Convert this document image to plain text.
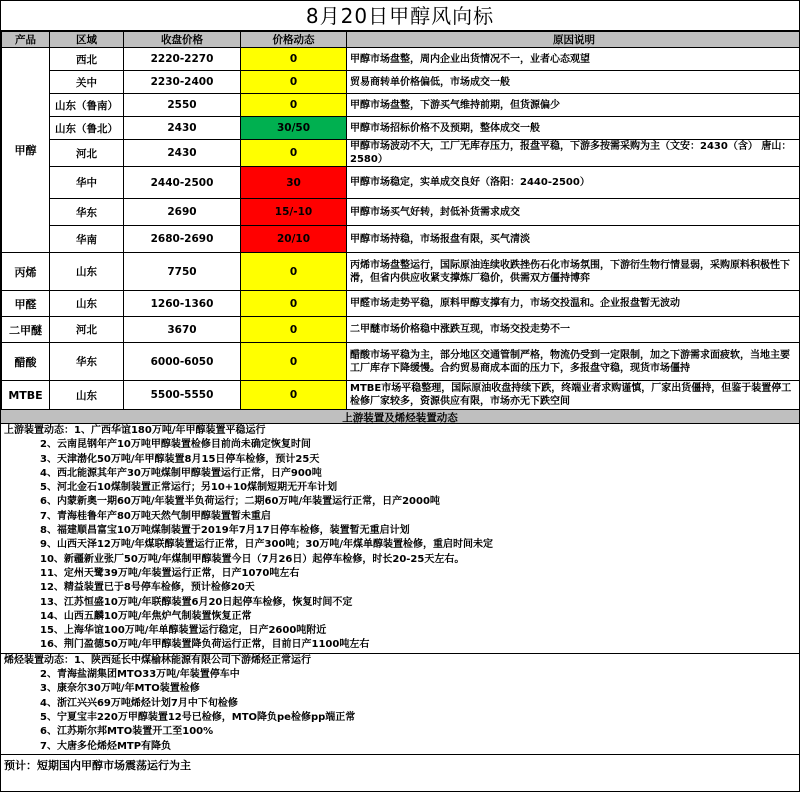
8月20日甲醇风向标
产品	区域	收盘价格	价格动态	原因说明
甲醇	西北	2220-2270	0	甲醇市场盘整，周内企业出货情况不一，业者心态观望
	关中	2230-2400	0	贸易商转单价格偏低，市场成交一般
	山东（鲁南）	2550	0	甲醇市场盘整，下游买气维持前期，但货源偏少
	山东（鲁北）	2430	30/50	甲醇市场招标价格不及预期，整体成交一般
	河北	2430	0	甲醇市场波动不大，工厂无库存压力，报盘平稳，下游多按需采购为主（文安：2430（含） 唐山：2580）
	华中	2440-2500	30	甲醇市场稳定，实单成交良好（洛阳：2440-2500）
	华东	2690	15/-10	甲醇市场买气好转，封低补货需求成交
	华南	2680-2690	20/10	甲醇市场持稳，市场报盘有限，买气清淡
丙烯	山东	7750	0	丙烯市场盘整运行，国际原油连续收跌挫伤石化市场氛围，下游衍生物行情显弱，采购原料积极性下滑，但省内供应收紧支撑炼厂稳价，供需双方僵持博弈
甲醛	山东	1260-1360	0	甲醛市场走势平稳，原料甲醇支撑有力，市场交投温和。企业报盘暂无波动
二甲醚	河北	3670	0	二甲醚市场价格稳中涨跌互现，市场交投走势不一
醋酸	华东	6000-6050	0	醋酸市场平稳为主，部分地区交通管制严格，物流仍受到一定限制，加之下游需求面疲软，当地主要工厂库存下降缓慢。合约贸易商成本面的压力下，多报盘守稳，现货市场僵持
MTBE	山东	5500-5550	0	MTBE市场平稳整理，国际原油收盘持续下跌，终端业者求购谨慎，厂家出货僵持，但鉴于装置停工检修厂家较多，资源供应有限，市场亦无下跌空间
上游装置及烯烃装置动态
上游装置动态：1、广西华谊180万吨/年甲醇装置平稳运行
2、云南昆钢年产10万吨甲醇装置检修目前尚未确定恢复时间
3、天津渤化50万吨/年甲醇装置8月15日停车检修，预计25天
4、西北能源其年产30万吨煤制甲醇装置运行正常，日产900吨
5、河北金石10煤制装置正常运行；另10+10煤制短期无开车计划
6、内蒙新奥一期60万吨/年装置半负荷运行；二期60万吨/年装置运行正常，日产2000吨
7、青海桂鲁年产80万吨天然气制甲醇装置暂未重启
8、福建顺昌富宝10万吨煤制装置于2019年7月17日停车检修，装置暂无重启计划
9、山西天泽12万吨/年煤联醇装置运行正常，日产300吨；30万吨/年煤单醇装置检修，重启时间未定
10、新疆新业张厂50万吨/年煤制甲醇装置今日（7月26日）起停车检修，时长20-25天左右。
11、定州天鹭39万吨/年装置运行正常，日产1070吨左右
12、精益装置已于8号停车检修，预计检修20天
13、江苏恒盛10万吨/年联醇装置6月20日起停车检修，恢复时间不定
14、山西五麟10万吨/年焦炉气制装置恢复正常
15、上海华谊100万吨/年单醇装置运行稳定，日产2600吨附近
16、荆门盈德50万吨/年甲醇装置降负荷运行正常，目前日产1100吨左右
烯烃装置动态：1、陕西延长中煤榆林能源有限公司下游烯烃正常运行
2、青海盐湖集团MTO33万吨/年装置停车中
3、康奈尔30万吨/年MTO装置检修
4、浙江兴兴69万吨烯烃计划7月中下旬检修
5、宁夏宝丰220万甲醇装置12号已检修，MTO降负pe检修pp端正常
6、江苏斯尔邦MTO装置开工至100%
7、大唐多伦烯烃MTP有降负
预计：短期国内甲醇市场震荡运行为主
